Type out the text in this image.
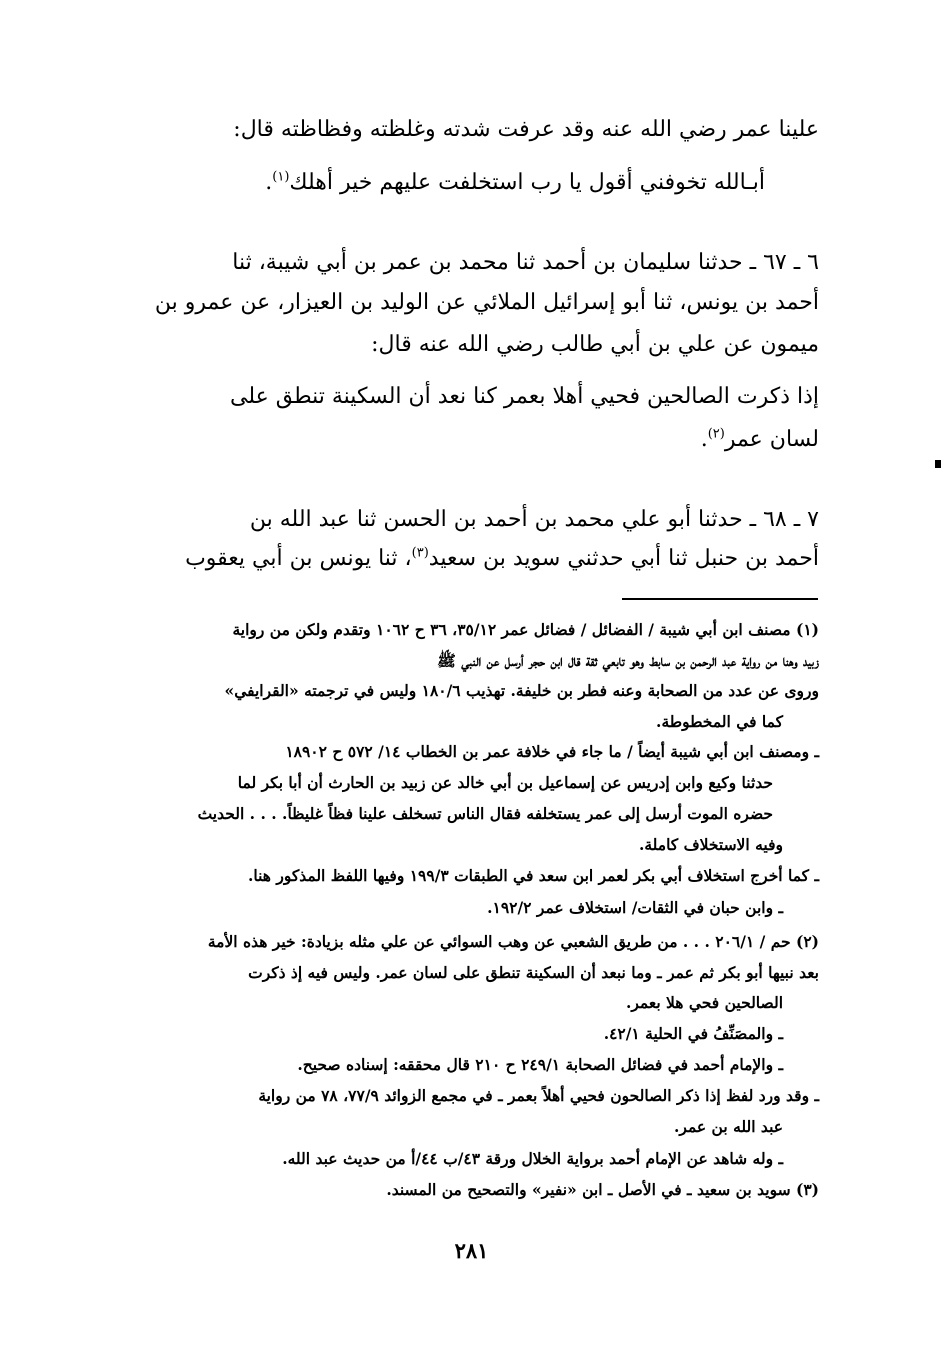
علينا عمر رضي الله عنه وقد عرفت شدته وغلظته وفظاظته قال:
أبـالله تخوفني أقول يا رب استخلفت عليهم خير أهلك$^{(١)}$.
٦ ـ ٦٧ ـ حدثنا سليمان بن أحمد ثنا محمد بن عمر بن أبي شيبة، ثنا
أحمد بن يونس، ثنا أبو إسرائيل الملائي عن الوليد بن العيزار، عن عمرو بن
ميمون عن علي بن أبي طالب رضي الله عنه قال:
إذا ذكرت الصالحين فحيي أهلا بعمر كنا نعد أن السكينة تنطق على
لسان عمر$^{(٢)}$.
٧ ـ ٦٨ ـ حدثنا أبو علي محمد بن أحمد بن الحسن ثنا عبد الله بن
أحمد بن حنبل ثنا أبي حدثني سويد بن سعيد$^{(٣)}$، ثنا يونس بن أبي يعقوب
(١) مصنف ابن أبي شيبة / الفضائل / فضائل عمر ٣٥/١٢، ٣٦ ح ١٠٦٢ وتقدم ولكن من رواية
زبيد وهنا من رواية عبد الرحمن بن سابط وهو تابعي ثقة قال ابن حجر أرسل عن النبي ﷺ
وروى عن عدد من الصحابة وعنه فطر بن خليفة. تهذيب ١٨٠/٦ وليس في ترجمته «القرايفي»
كما في المخطوطة.
ـ ومصنف ابن أبي شيبة أيضاً / ما جاء في خلافة عمر بن الخطاب ١٤/ ٥٧٢ ح ١٨٩٠٢
حدثنا وكيع وابن إدريس عن إسماعيل بن أبي خالد عن زبيد بن الحارث أن أبا بكر لما
حضره الموت أرسل إلى عمر يستخلفه فقال الناس تسخلف علينا فظاً غليظاً. . . . الحديث
وفيه الاستخلاف كاملة.
ـ كما أخرج استخلاف أبي بكر لعمر ابن سعد في الطبقات ١٩٩/٣ وفيها اللفظ المذكور هنا.
ـ وابن حبان في الثقات/ استخلاف عمر ١٩٢/٢.
(٢) حم / ٢٠٦/١ . . . من طريق الشعبي عن وهب السوائي عن علي مثله بزيادة: خير هذه الأمة
بعد نبيها أبو بكر ثم عمر ـ وما نبعد أن السكينة تنطق على لسان عمر. وليس فيه إذ ذكرت
الصالحين فحي هلا بعمر.
ـ والمصَنِّفُ في الحلية ٤٢/١.
ـ والإمام أحمد في فضائل الصحابة ٢٤٩/١ ح ٢١٠ قال محققه: إسناده صحيح.
ـ وقد ورد لفظ إذا ذكر الصالحون فحيي أهلاً بعمر ـ في مجمع الزوائد ٧٧/٩، ٧٨ من رواية
عبد الله بن عمر.
ـ وله شاهد عن الإمام أحمد برواية الخلال ورقة ٤٣/ب ٤٤/أ من حديث عبد الله.
(٣) سويد بن سعيد ـ في الأصل ـ ابن «نفير» والتصحيح من المسند.
٢٨١
